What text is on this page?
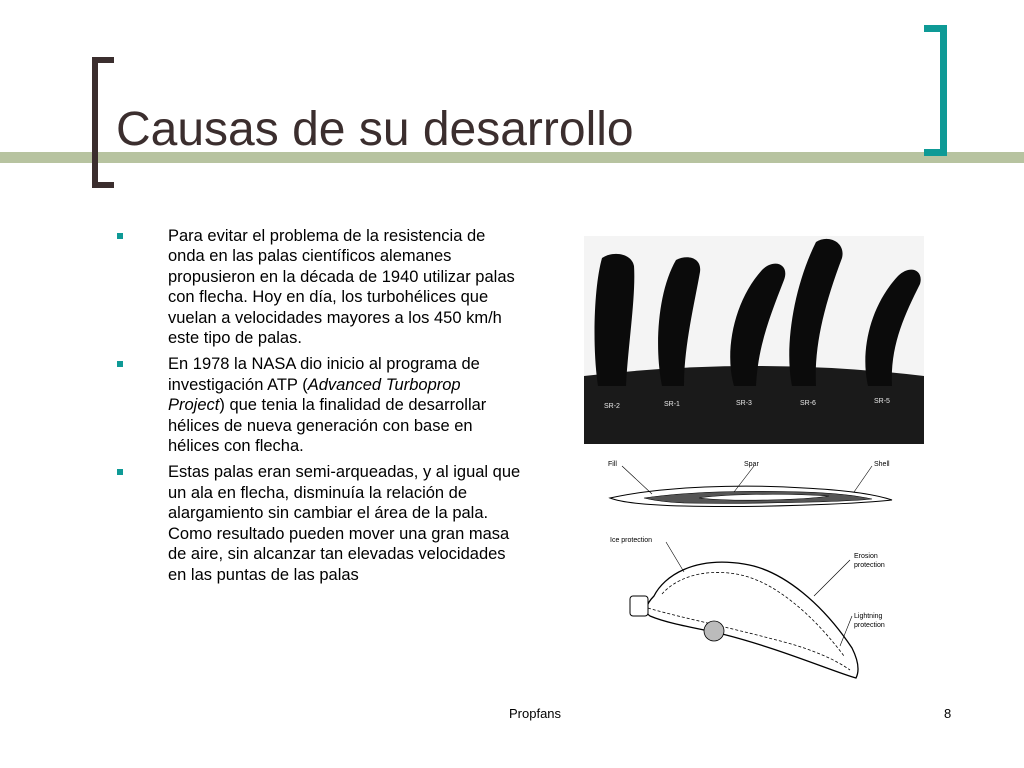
Causas de su desarrollo
Para evitar el problema de la resistencia de onda en las palas científicos alemanes propusieron en la década de 1940 utilizar palas con flecha. Hoy en día, los turbohélices que vuelan a velocidades mayores a los 450 km/h este tipo de palas.
En 1978 la NASA dio inicio al programa de investigación ATP (Advanced Turboprop Project) que tenia la finalidad de desarrollar hélices de nueva generación con base en hélices con flecha.
Estas palas eran semi-arqueadas, y al igual que un ala en flecha, disminuía la relación de alargamiento sin cambiar el área de la pala. Como resultado pueden mover una gran masa de aire, sin alcanzar tan elevadas velocidades en las puntas de las palas
SR-2	SR-1	SR-3	SR-6	SR-5
Fill	Spar	Shell
Ice protection
Erosion
protection
Lightning
protection
Propfans	8
